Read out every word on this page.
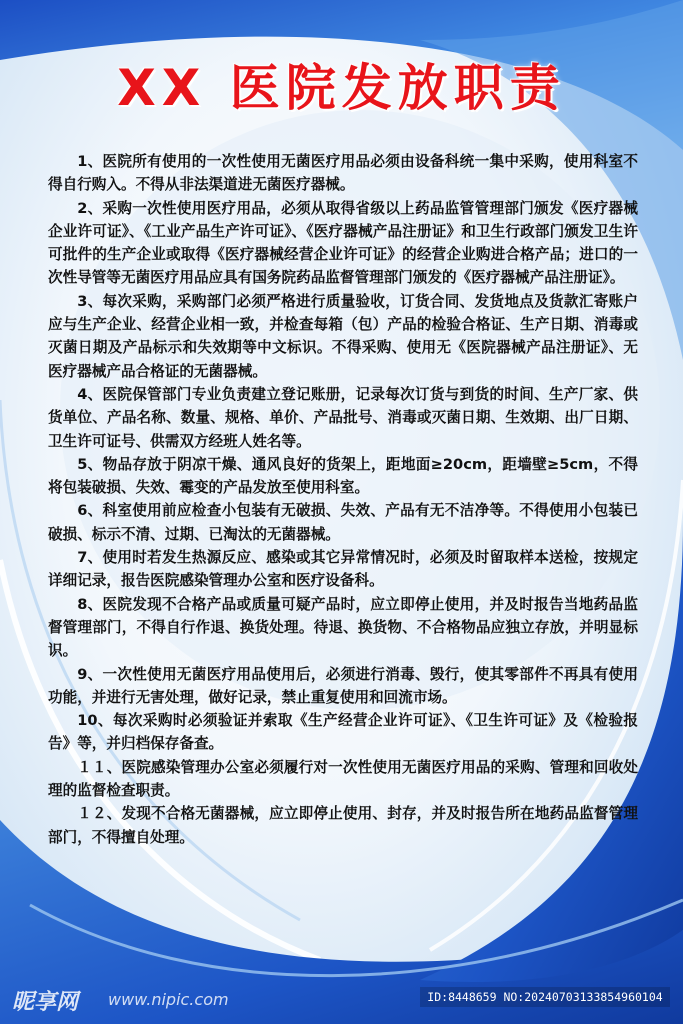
XX 医院发放职责

1、医院所有使用的一次性使用无菌医疗用品必须由设备科统一集中采购，使用科室不得自行购入。不得从非法渠道进无菌医疗器械。

2、采购一次性使用医疗用品，必须从取得省级以上药品监管管理部门颁发《医疗器械企业许可证》、《工业产品生产许可证》、《医疗器械产品注册证》和卫生行政部门颁发卫生许可批件的生产企业或取得《医疗器械经营企业许可证》的经营企业购进合格产品；进口的一次性导管等无菌医疗用品应具有国务院药品监督管理部门颁发的《医疗器械产品注册证》。

3、每次采购，采购部门必须严格进行质量验收，订货合同、发货地点及货款汇寄账户应与生产企业、经营企业相一致，并检查每箱（包）产品的检验合格证、生产日期、消毒或灭菌日期及产品标示和失效期等中文标识。不得采购、使用无《医院器械产品注册证》、无医疗器械产品合格证的无菌器械。

4、医院保管部门专业负责建立登记账册，记录每次订货与到货的时间、生产厂家、供货单位、产品名称、数量、规格、单价、产品批号、消毒或灭菌日期、生效期、出厂日期、卫生许可证号、供需双方经班人姓名等。

5、物品存放于阴凉干燥、通风良好的货架上，距地面≥20cm，距墙壁≥5cm，不得将包装破损、失效、霉变的产品发放至使用科室。

6、科室使用前应检查小包装有无破损、失效、产品有无不洁净等。不得使用小包装已破损、标示不清、过期、已淘汰的无菌器械。

7、使用时若发生热源反应、感染或其它异常情况时，必须及时留取样本送检，按规定详细记录，报告医院感染管理办公室和医疗设备科。

8、医院发现不合格产品或质量可疑产品时，应立即停止使用，并及时报告当地药品监督管理部门，不得自行作退、换货处理。待退、换货物、不合格物品应独立存放，并明显标识。

9、一次性使用无菌医疗用品使用后，必须进行消毒、毁行，使其零部件不再具有使用功能，并进行无害处理，做好记录，禁止重复使用和回流市场。

10、每次采购时必须验证并索取《生产经营企业许可证》、《卫生许可证》及《检验报告》等，并归档保存备查。

１１、医院感染管理办公室必须履行对一次性使用无菌医疗用品的采购、管理和回收处理的监督检查职责。

１２、发现不合格无菌器械，应立即停止使用、封存，并及时报告所在地药品监督管理部门，不得擅自处理。

昵享网 www.nipic.com	ID:8448659 NO:20240703133854960104
